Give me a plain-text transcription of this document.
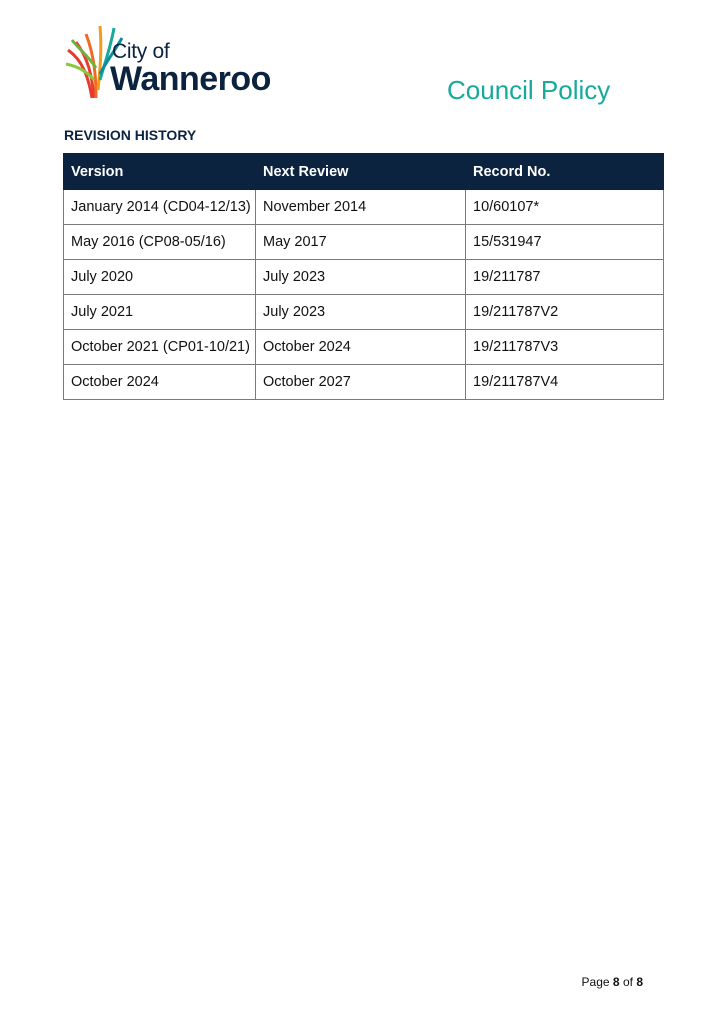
City of
Wanneroo	Council Policy
REVISION HISTORY
Version	Next Review	Record No.
January 2014 (CD04-12/13)	November 2014	10/60107*
May 2016 (CP08-05/16)	May 2017	15/531947
July 2020	July 2023	19/211787
July 2021	July 2023	19/211787V2
October 2021 (CP01-10/21)	October 2024	19/211787V3
October 2024	October 2027	19/211787V4
Page 8 of 8
